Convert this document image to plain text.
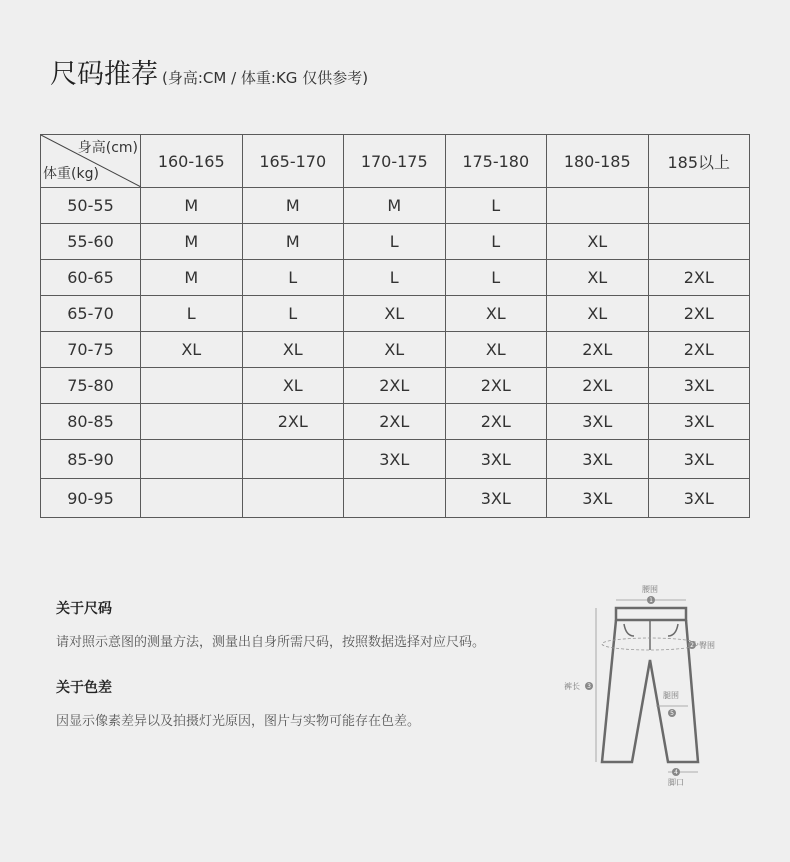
尺码推荐 (身高:CM / 体重:KG 仅供参考)
身高(cm)
体重(kg)	160-165	165-170	170-175	175-180	180-185	185以上
50-55	M	M	M	L		
55-60	M	M	L	L	XL	
60-65	M	L	L	L	XL	2XL
65-70	L	L	XL	XL	XL	2XL
70-75	XL	XL	XL	XL	2XL	2XL
75-80		XL	2XL	2XL	2XL	3XL
80-85		2XL	2XL	2XL	3XL	3XL
85-90			3XL	3XL	3XL	3XL
90-95				3XL	3XL	3XL
关于尺码

请对照示意图的测量方法，测量出自身所需尺码，按照数据选择对应尺码。

关于色差

因显示像素差异以及拍摄灯光原因，图片与实物可能存在色差。

1
2
3
4
5
腰围
臀围
裤长
腿围
脚口
